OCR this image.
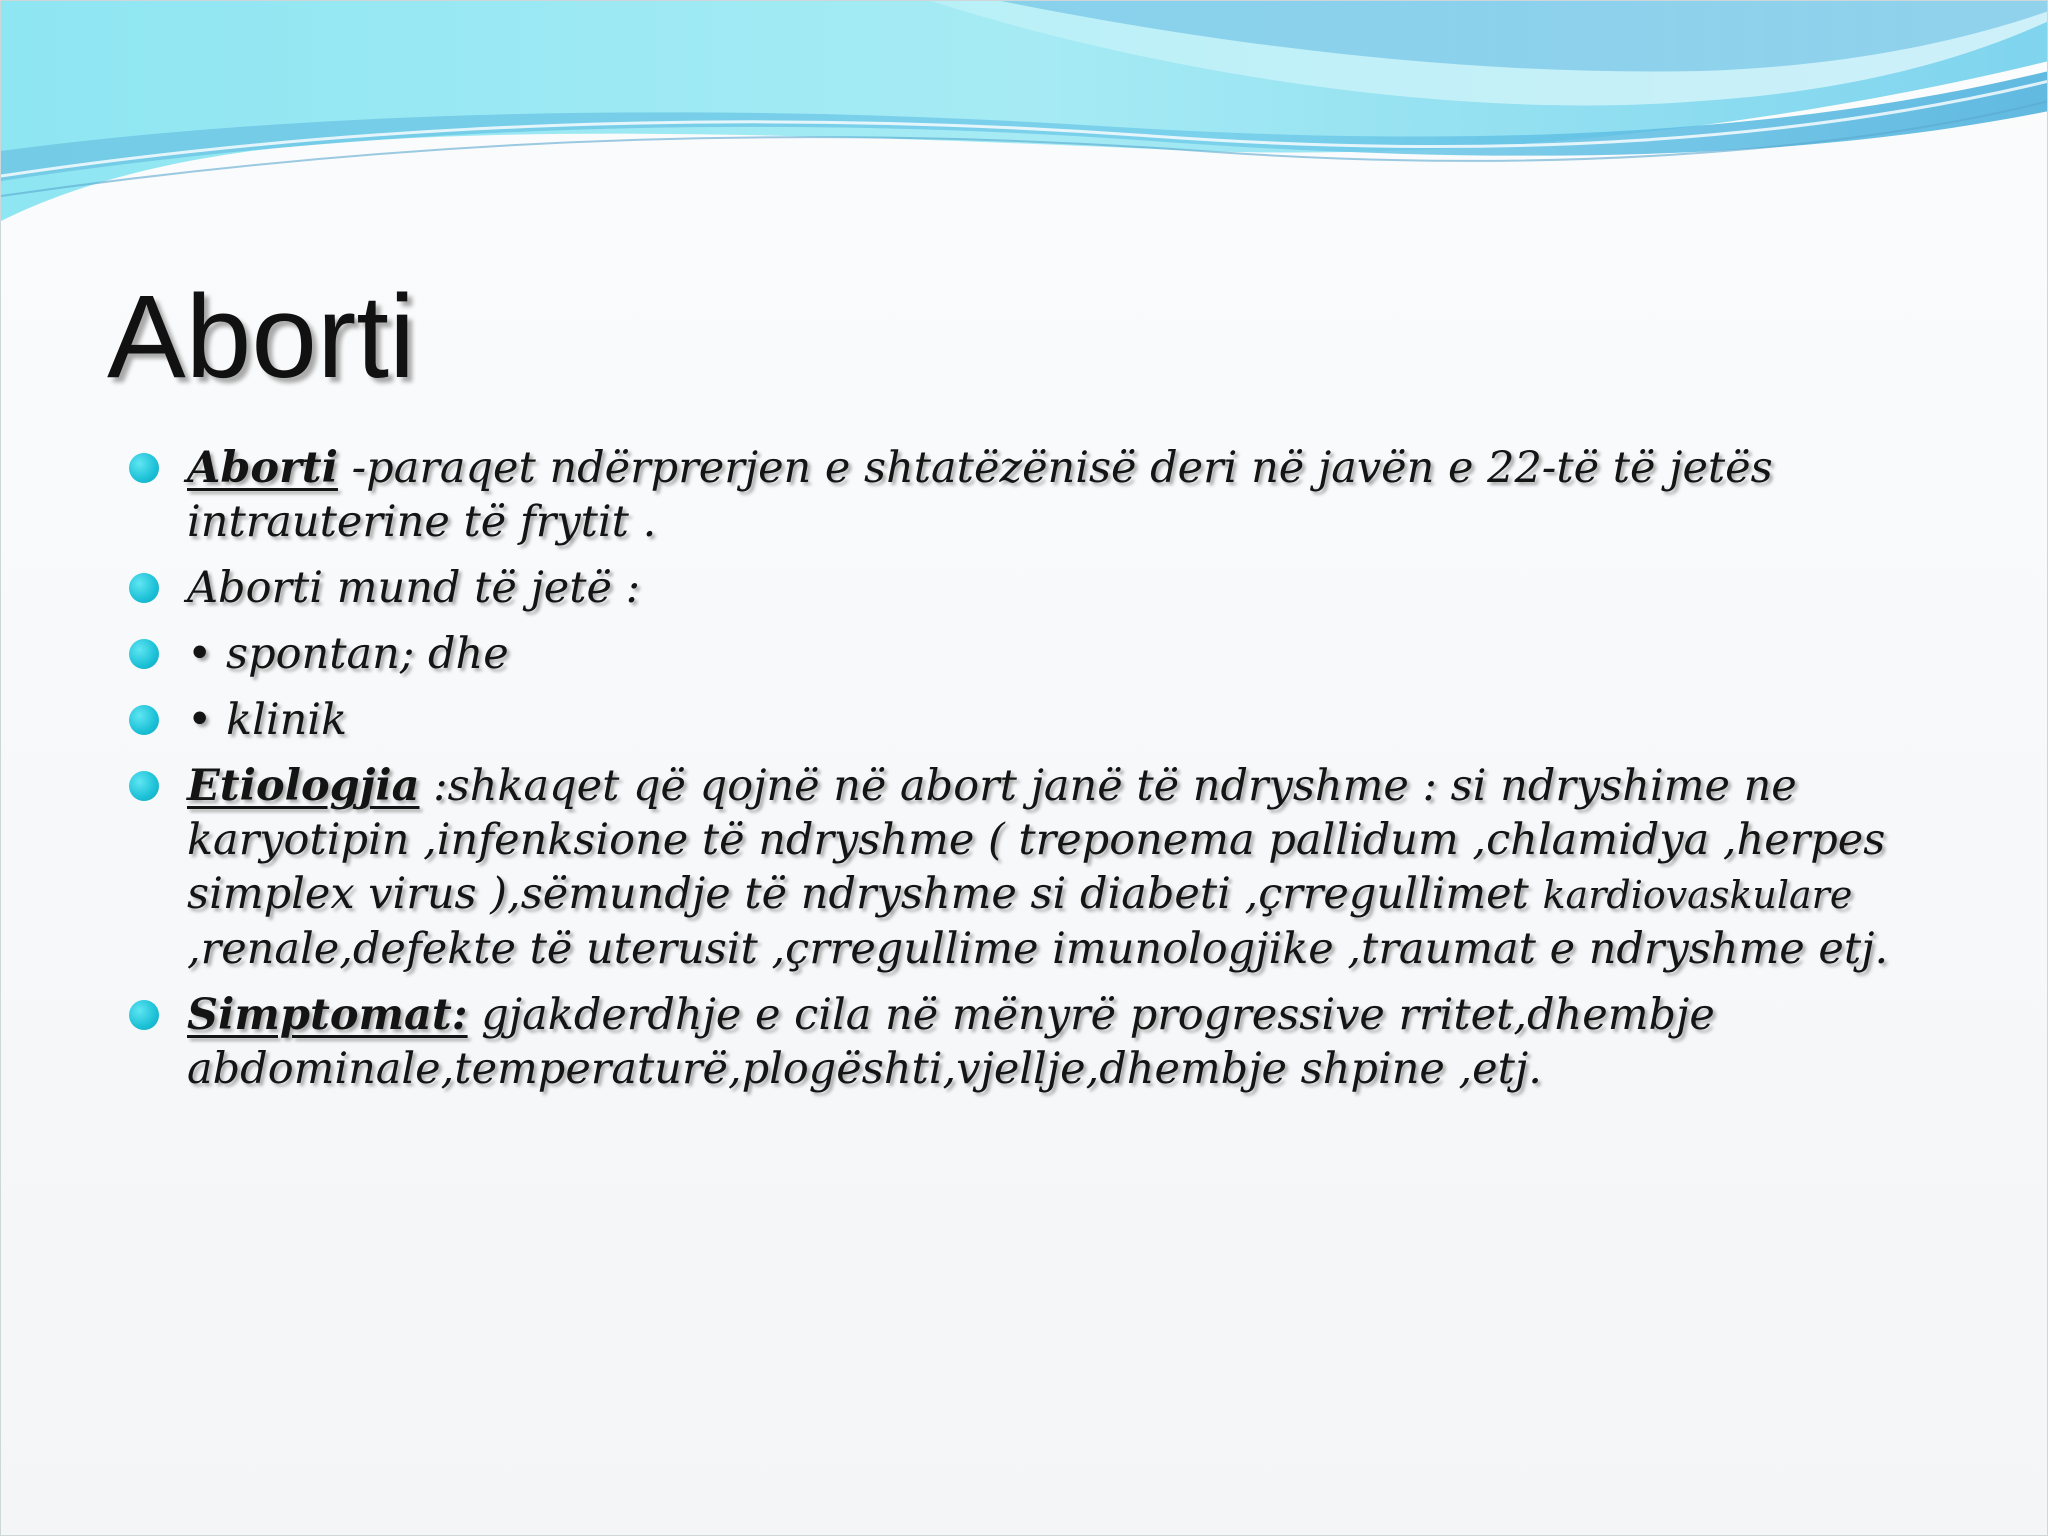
Aborti
Aborti -paraqet ndërprerjen e shtatëzënisë deri në javën e 22-të të jetës intrauterine të frytit .
Aborti mund të jetë :
• spontan; dhe
• klinik
Etiologjia :shkaqet që qojnë në abort janë të ndryshme : si ndryshime ne karyotipin ,infenksione të ndryshme ( treponema pallidum ,chlamidya ,herpes simplex virus ),sëmundje të ndryshme si diabeti ,çrregullimet kardiovaskulare ,renale,defekte të uterusit ,çrregullime imunologjike ,traumat e ndryshme etj.
Simptomat: gjakderdhje e cila në mënyrë progressive rritet,dhembje abdominale,temperaturë,plogështi,vjellje,dhembje shpine ,etj.
